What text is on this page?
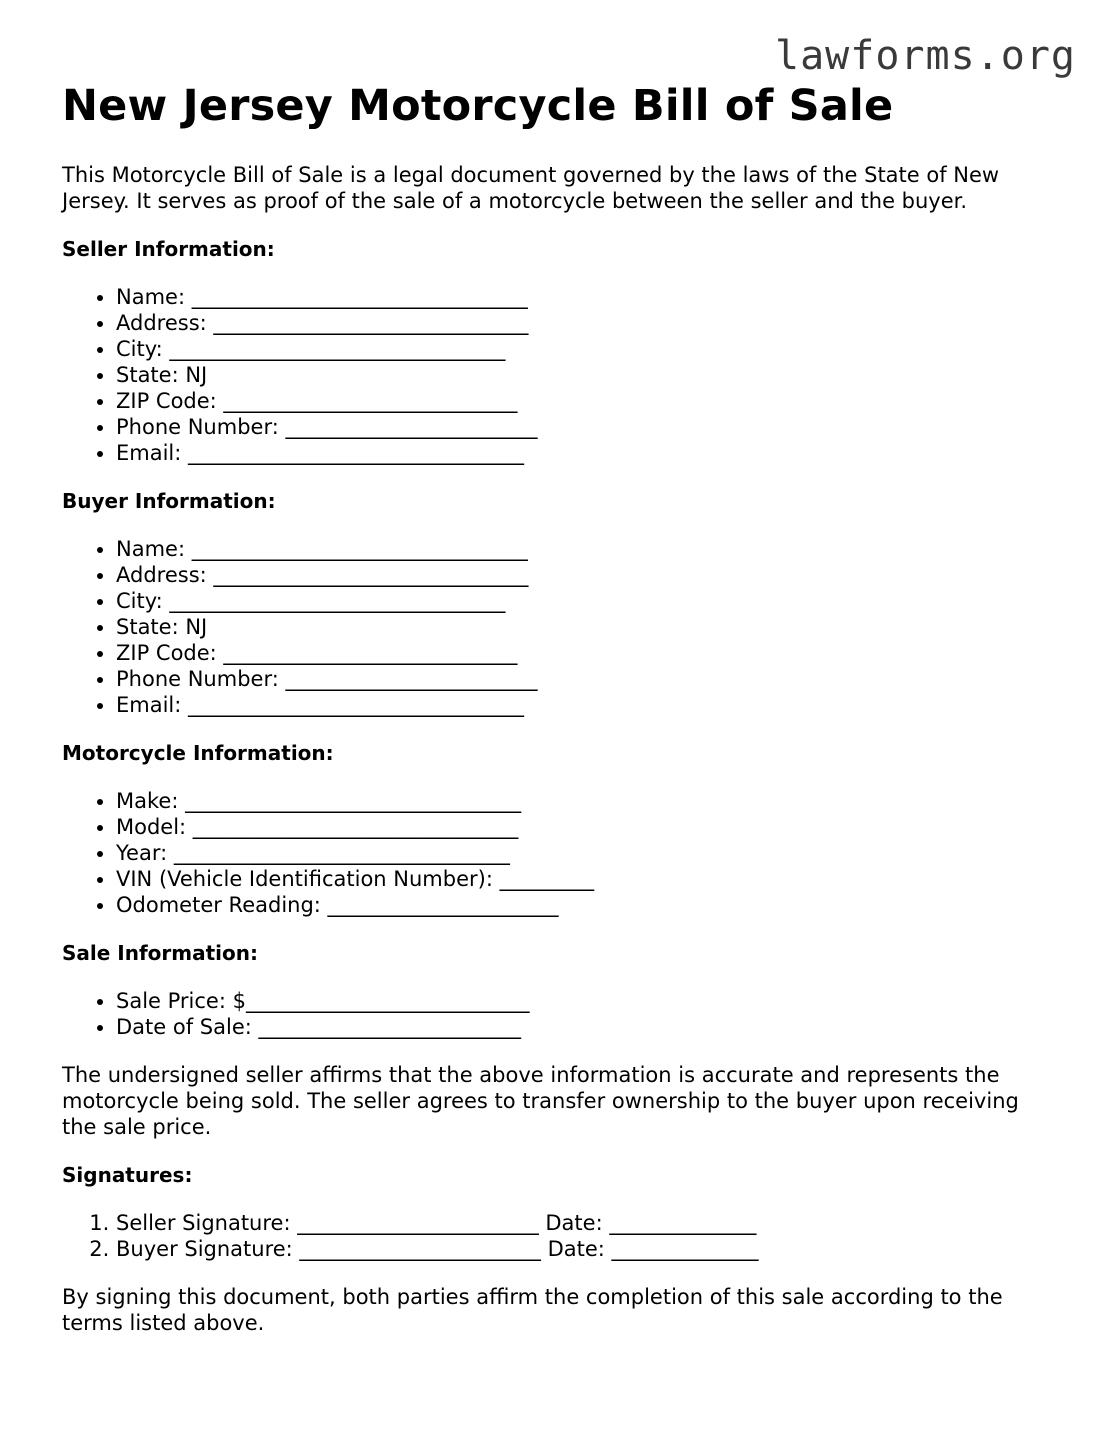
lawforms.org
New Jersey Motorcycle Bill of Sale

This Motorcycle Bill of Sale is a legal document governed by the laws of the State of New Jersey. It serves as proof of the sale of a motorcycle between the seller and the buyer.

Seller Information:
• Name: ________________________________
• Address: ______________________________
• City: ________________________________
• State: NJ
• ZIP Code: ____________________________
• Phone Number: ________________________
• Email: ________________________________
Buyer Information:
• Name: ________________________________
• Address: ______________________________
• City: ________________________________
• State: NJ
• ZIP Code: ____________________________
• Phone Number: ________________________
• Email: ________________________________
Motorcycle Information:
• Make: ________________________________
• Model: _______________________________
• Year: ________________________________
• VIN (Vehicle Identification Number): _________
• Odometer Reading: ______________________
Sale Information:
• Sale Price: $___________________________
• Date of Sale: _________________________

The undersigned seller affirms that the above information is accurate and represents the motorcycle being sold. The seller agrees to transfer ownership to the buyer upon receiving the sale price.

Signatures:
1. Seller Signature: _______________________ Date: ______________
2. Buyer Signature: _______________________ Date: ______________

By signing this document, both parties affirm the completion of this sale according to the terms listed above.
